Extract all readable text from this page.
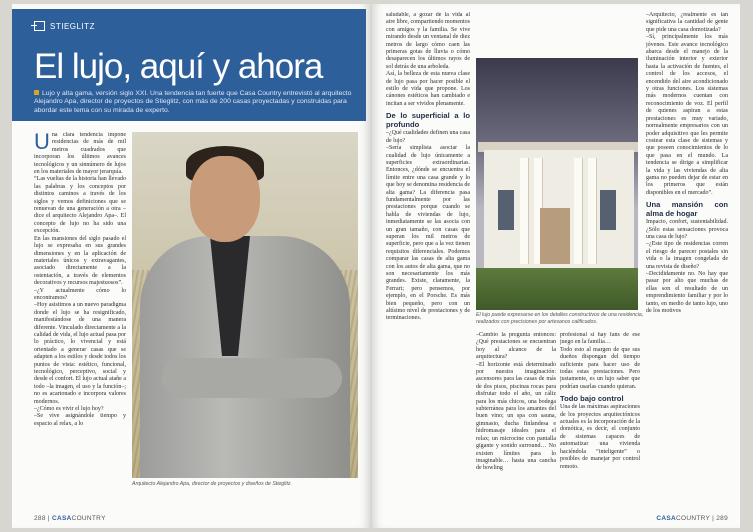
STIEGLITZ
El lujo, aquí y ahora
Lujo y alta gama, versión siglo XXI. Una tendencia tan fuerte que Casa Country entrevistó al arquitecto Alejandro Apa, director de proyectos de Stieglitz, con más de 200 casas proyectadas y construidas para abordar este tema con su mirada de experto.
Una clara tendencia impone residencias de más de mil metros cuadrados que incorporan los últimos avances tecnológicos y un sinnúmero de lujos en los materiales de mayor jerarquía.
“Las vueltas de la historia han llevado las palabras y los conceptos por distintos caminos a través de los siglos y vemos definiciones que se renuevan de una generación a otra –dice el arquitecto Alejandro Apa–. El concepto de lujo no ha sido una excepción.
En las mansiones del siglo pasado el lujo se expresaba en sus grandes dimensiones y en la aplicación de materiales únicos y extravagantes, asociado directamente a la ostentación, a través de elementos decorativos y recursos majestuosos”.
–¿Y actualmente cómo lo encontramos?
–Hoy asistimos a un nuevo paradigma donde el lujo se ha resignificado, manifestándose de una manera diferente. Vinculado directamente a la calidad de vida, el lujo actual pasa por lo práctico, lo vivencial y está orientado a generar casas que se adapten a los estilos y desde todos los puntos de vista: estético, funcional, tecnológico, perceptivo, social y desde el confort. El lujo actual atañe a todo –la imagen, el uso y la función–; no es acartonado e incorpora valores modernos.
–¿Cómo es vivir el lujo hoy?
–Se vive asignándole tiempo y espacio al relax, a lo
Arquitecto Alejandro Apa, director de proyectos y diseños de Stieglitz.
288 | CASACOUNTRY
saludable, a gozar de la vida al aire libre, compartiendo momentos con amigos y la familia. Se vive mirando desde un ventanal de diez metros de largo cómo caen las primeras gotas de lluvia o cómo desaparecen los últimos rayos de sol detrás de una arboleda.
Así, la belleza de esta nueva clase de lujo pasa por hacer posible el estilo de vida que propone. Los cánones estéticos han cambiado e incitan a ser vividos plenamente.
De lo superficial a lo profundo
–¿Qué cualidades definen una casa de lujo?
–Sería simplista asociar la cualidad de lujo únicamente a superficies extraordinarias. Entonces, ¿dónde se encuentra el límite entre una casa grande y lo que hoy se denomina residencia de alta gama? La diferencia pasa fundamentalmente por las prestaciones porque cuando se habla de viviendas de lujo, inmediatamente se las asocia con un gran tamaño, con casas que superan los mil metros de superficie, pero que a la vez tienen requisitos diferenciales. Podemos comparar las casas de alta gama con los autos de alta gama, que no son necesariamente los más grandes. Existe, claramente, la Ferrari; pero pensemos, por ejemplo, en el Porsche. Es más bien pequeño, pero con un altísimo nivel de prestaciones y de terminaciones.
El lujo puede expresarse en los detalles constructivos de una residencia, realizados con precisiones por artesanos calificados.
–Cambio la pregunta entonces: ¿Qué prestaciones se encuentran hoy al alcance de la arquitectura?
–El horizonte está determinado por nuestra imaginación: ascensores para las casas de más de dos pisos, piscinas rocas para disfrutar todo el año, un cáliz para los más chicos, una bodega subterránea para los amantes del buen vino; un spa con sauna, gimnasio, ducha finlandesa e hidromasaje ideales para el relax; un microcine con pantalla gigante y sonido surround… No existen límites para lo imaginable… hasta una cancha de bowling
profesional si hay fans de ese juego en la familia…
Todo esto al margen de que sus dueños dispongan del tiempo suficiente para hacer uso de todas estas prestaciones. Pero justamente, es un lujo saber que podrían usarlas cuando quieran.
Todo bajo control
Una de las máximas aspiraciones de los proyectos arquitectónicos actuales es la incorporación de la domótica, es decir, el conjunto de sistemas capaces de automatizar una vivienda haciéndola “inteligente” o posibles de manejar por control remoto.
–Arquitecto, ¿realmente es tan significativa la cantidad de gente que pide una casa domotizada?
–Sí, principalmente los más jóvenes. Este avance tecnológico abarca desde el manejo de la iluminación interior y exterior hasta la activación de fuentes, el control de los accesos, el encendido del aire acondicionado y otras funciones. Los sistemas más modernos cuentan con reconocimiento de voz. El perfil de quienes aspiran a estas prestaciones es muy variado, normalmente empresarios con un poder adquisitivo que les permite costear esta clase de sistemas y que poseen conocimientos de lo que pasa en el mundo. La tendencia se dirige a simplificar la vida y las viviendas de alta gama no pueden dejar de estar en los primeros que están disponibles en el mercado”.
Una mansión con alma de hogar
Impacto, confort, sustentabilidad. ¿Sólo estas sensaciones provoca una casa de lujo?
–¿Este tipo de residencias corren el riesgo de parecer postales sin vida o la imagen congelada de una revista de diseño?
–Decididamente no. No hay que pasar por alto que muchas de ellas son el resultado de un emprendimiento familiar y por lo tanto, en medio de tanto lujo, uno de los motivos
CASACOUNTRY | 289
